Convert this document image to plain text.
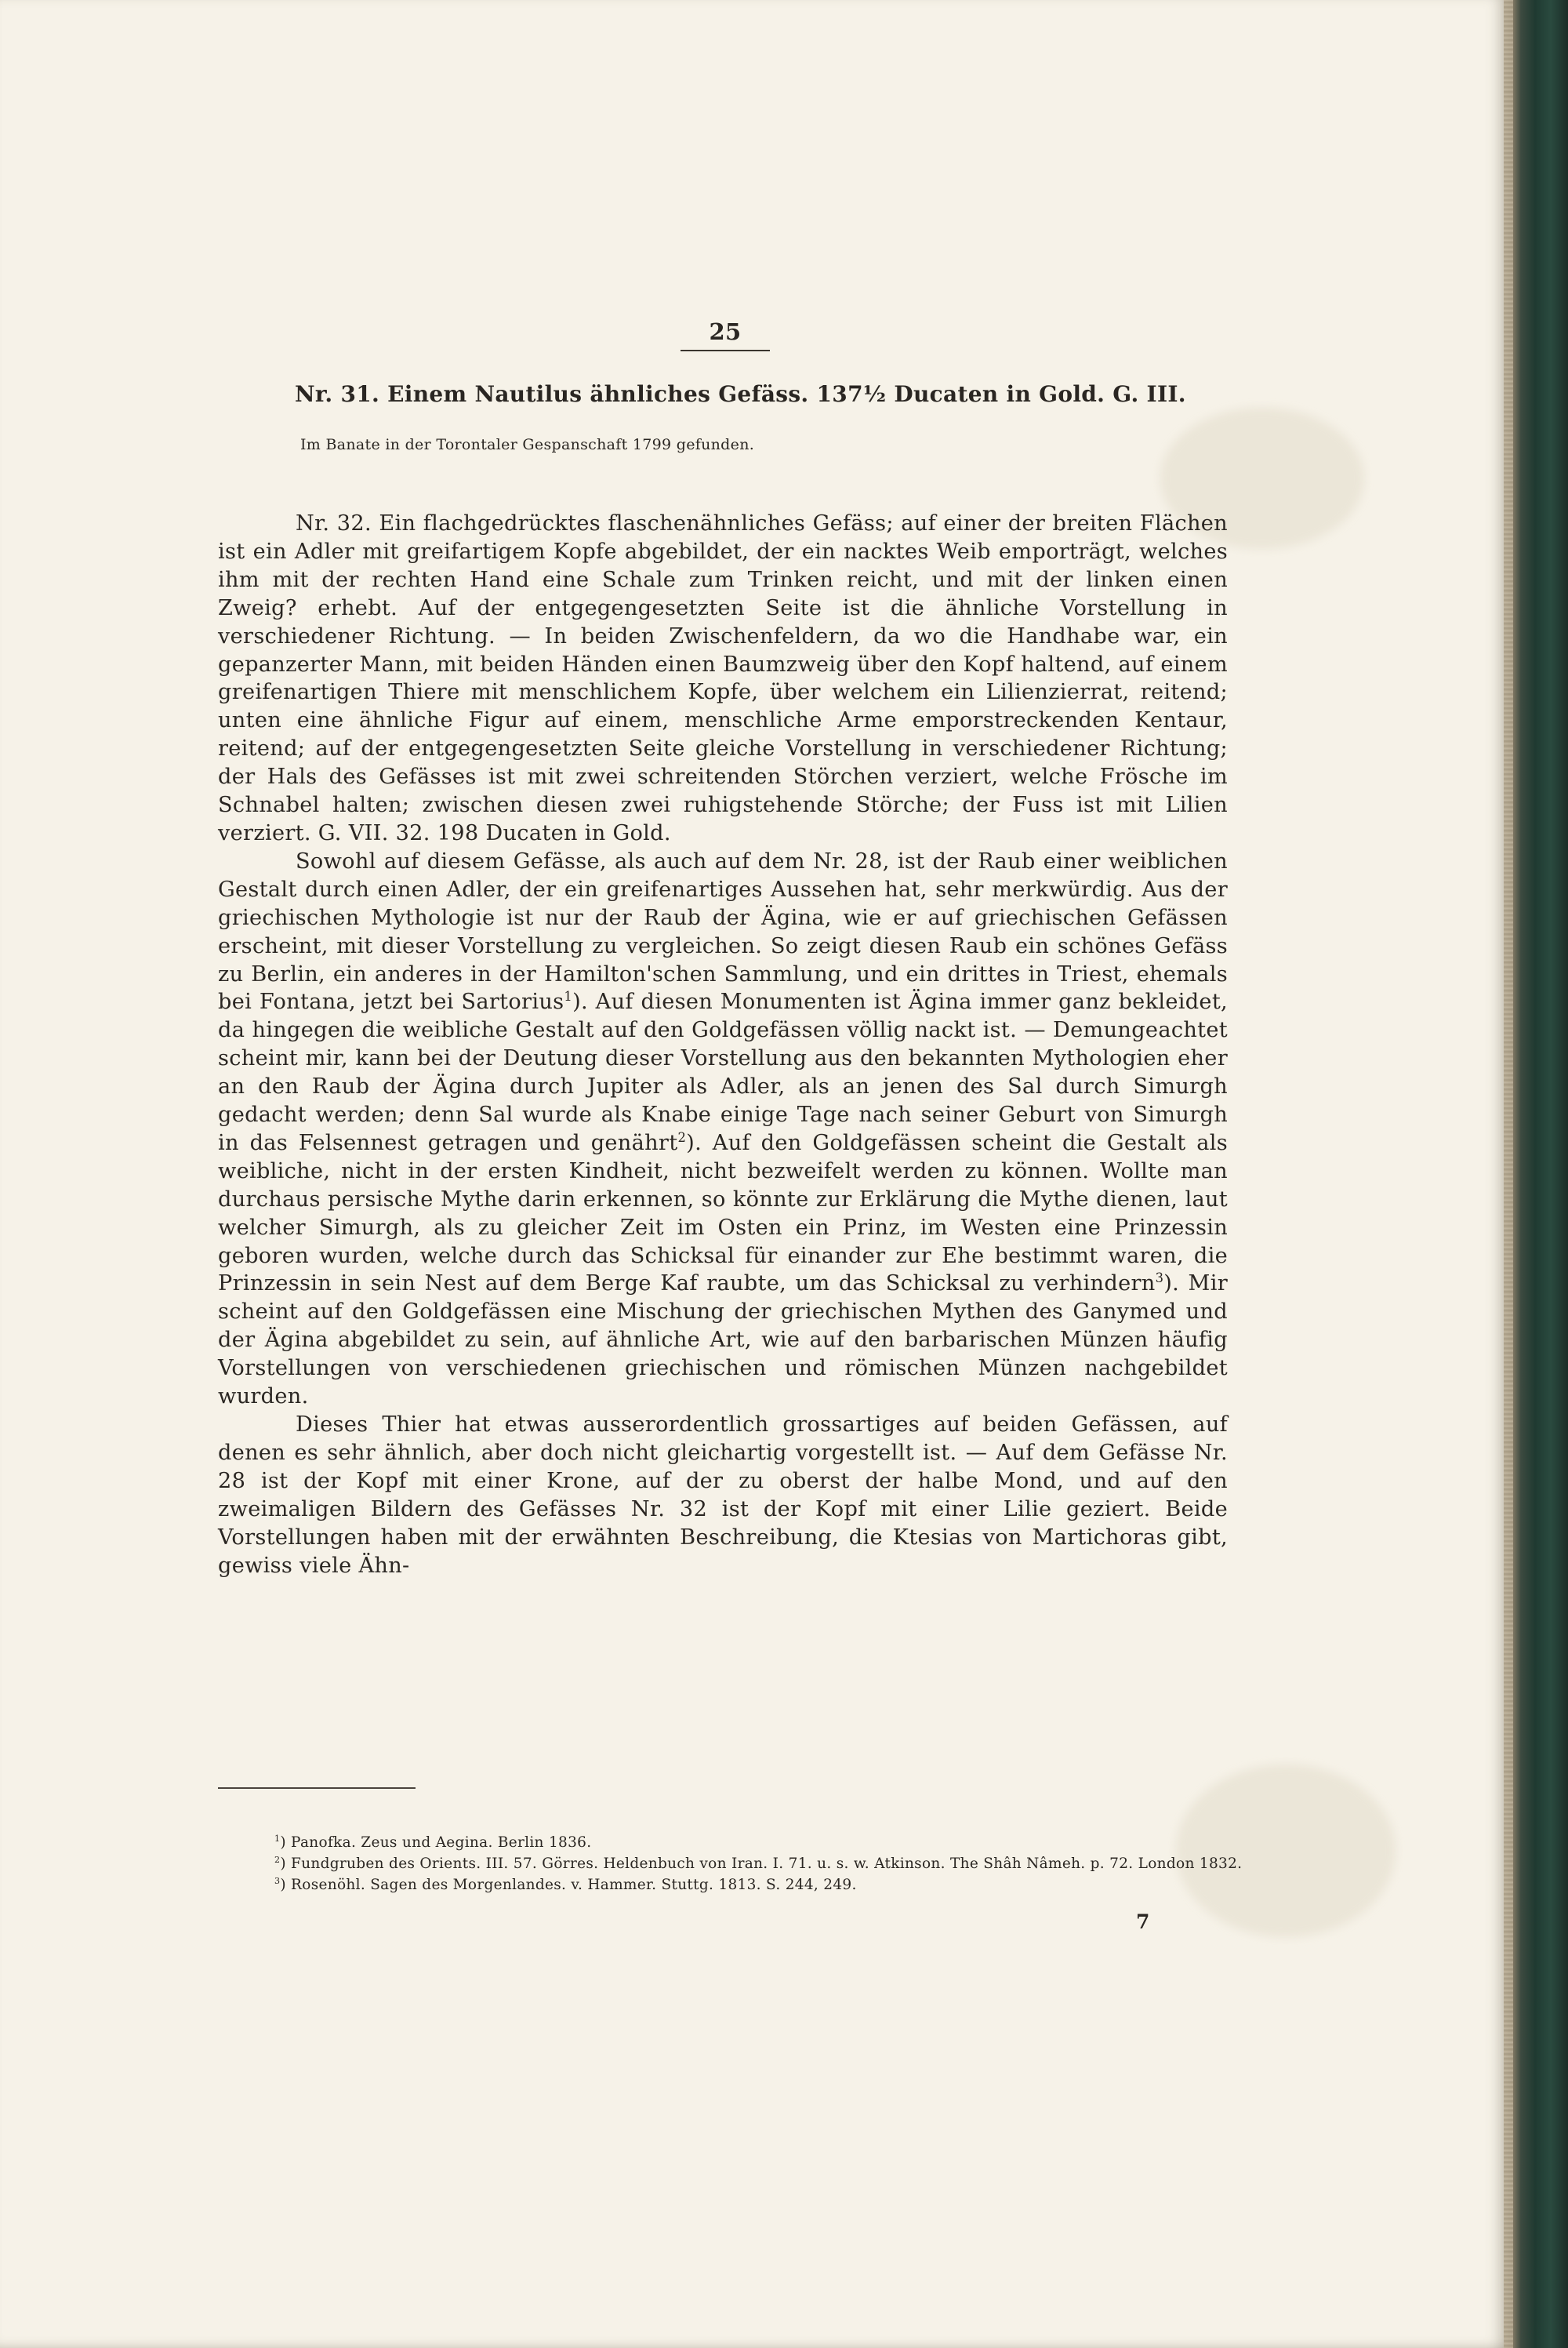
25
Nr. 31. Einem Nautilus ähnliches Gefäss. 137½ Ducaten in Gold. G. III.
Im Banate in der Torontaler Gespanschaft 1799 gefunden.

Nr. 32. Ein flachgedrücktes flaschenähnliches Gefäss; auf einer der breiten Flächen ist ein Adler mit greifartigem Kopfe abgebildet, der ein nacktes Weib emporträgt, welches ihm mit der rechten Hand eine Schale zum Trinken reicht, und mit der linken einen Zweig? erhebt. Auf der entgegengesetzten Seite ist die ähnliche Vorstellung in verschiedener Richtung. — In beiden Zwischenfeldern, da wo die Handhabe war, ein gepanzerter Mann, mit beiden Händen einen Baumzweig über den Kopf haltend, auf einem greifenartigen Thiere mit menschlichem Kopfe, über welchem ein Lilienzierrat, reitend; unten eine ähnliche Figur auf einem, menschliche Arme emporstreckenden Kentaur, reitend; auf der entgegengesetzten Seite gleiche Vorstellung in verschiedener Richtung; der Hals des Gefässes ist mit zwei schreitenden Störchen verziert, welche Frösche im Schnabel halten; zwischen diesen zwei ruhigstehende Störche; der Fuss ist mit Lilien verziert. G. VII. 32. 198 Ducaten in Gold.

Sowohl auf diesem Gefässe, als auch auf dem Nr. 28, ist der Raub einer weiblichen Gestalt durch einen Adler, der ein greifenartiges Aussehen hat, sehr merkwürdig. Aus der griechischen Mythologie ist nur der Raub der Ägina, wie er auf griechischen Gefässen erscheint, mit dieser Vorstellung zu vergleichen. So zeigt diesen Raub ein schönes Gefäss zu Berlin, ein anderes in der Hamilton'schen Sammlung, und ein drittes in Triest, ehemals bei Fontana, jetzt bei Sartorius$^1$). Auf diesen Monumenten ist Ägina immer ganz bekleidet, da hingegen die weibliche Gestalt auf den Goldgefässen völlig nackt ist. — Demungeachtet scheint mir, kann bei der Deutung dieser Vorstellung aus den bekannten Mythologien eher an den Raub der Ägina durch Jupiter als Adler, als an jenen des Sal durch Simurgh gedacht werden; denn Sal wurde als Knabe einige Tage nach seiner Geburt von Simurgh in das Felsennest getragen und genährt$^2$). Auf den Goldgefässen scheint die Gestalt als weibliche, nicht in der ersten Kindheit, nicht bezweifelt werden zu können. Wollte man durchaus persische Mythe darin erkennen, so könnte zur Erklärung die Mythe dienen, laut welcher Simurgh, als zu gleicher Zeit im Osten ein Prinz, im Westen eine Prinzessin geboren wurden, welche durch das Schicksal für einander zur Ehe bestimmt waren, die Prinzessin in sein Nest auf dem Berge Kaf raubte, um das Schicksal zu verhindern$^3$). Mir scheint auf den Goldgefässen eine Mischung der griechischen Mythen des Ganymed und der Ägina abgebildet zu sein, auf ähnliche Art, wie auf den barbarischen Münzen häufig Vorstellungen von verschiedenen griechischen und römischen Münzen nachgebildet wurden.

Dieses Thier hat etwas ausserordentlich grossartiges auf beiden Gefässen, auf denen es sehr ähnlich, aber doch nicht gleichartig vorgestellt ist. — Auf dem Gefässe Nr. 28 ist der Kopf mit einer Krone, auf der zu oberst der halbe Mond, und auf den zweimaligen Bildern des Gefässes Nr. 32 ist der Kopf mit einer Lilie geziert. Beide Vorstellungen haben mit der erwähnten Beschreibung, die Ktesias von Martichoras gibt, gewiss viele Ähn-

$^1$) Panofka. Zeus und Aegina. Berlin 1836.
$^2$) Fundgruben des Orients. III. 57. Görres. Heldenbuch von Iran. I. 71. u. s. w. Atkinson. The Shâh Nâmeh. p. 72. London 1832.
$^3$) Rosenöhl. Sagen des Morgenlandes. v. Hammer. Stuttg. 1813. S. 244, 249.
7
